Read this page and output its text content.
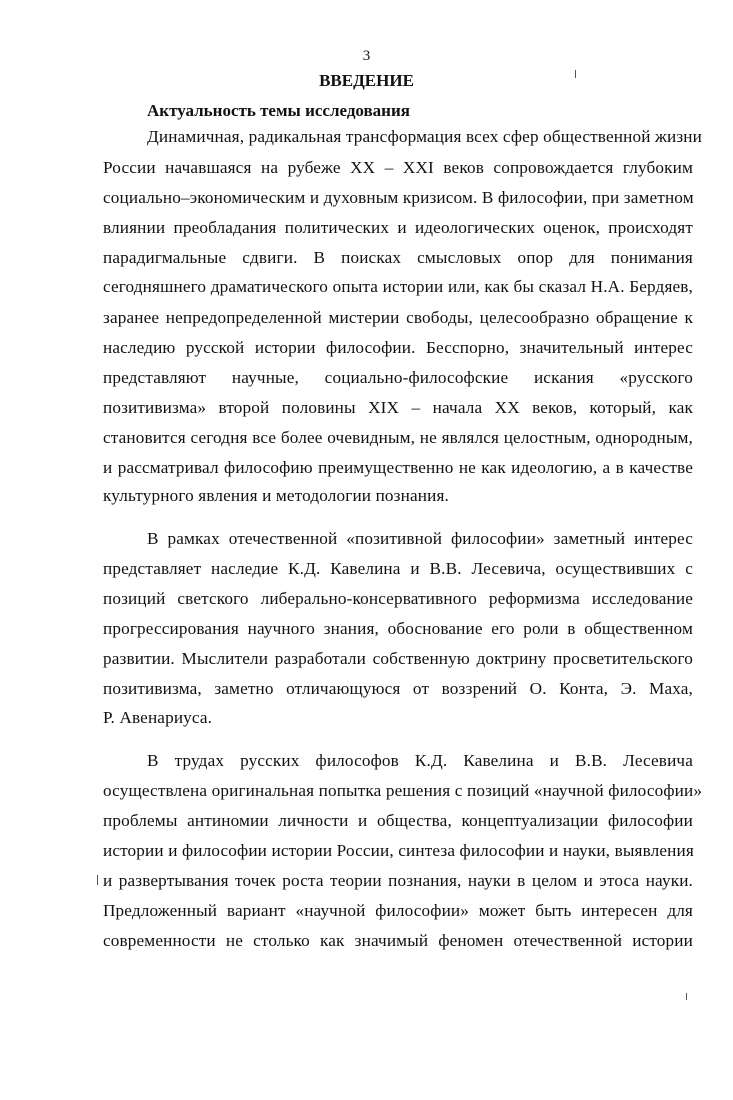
3
ВВЕДЕНИЕ
Актуальность темы исследования
Динамичная, радикальная трансформация всех сфер общественной жизни
России начавшаяся на рубеже XX – XXI веков сопровождается глубоким
социально–экономическим и духовным кризисом. В философии, при заметном
влиянии преобладания политических и идеологических оценок, происходят
парадигмальные сдвиги. В поисках смысловых опор для понимания
сегодняшнего драматического опыта истории или, как бы сказал Н.А. Бердяев,
заранее непредопределенной мистерии свободы, целесообразно обращение к
наследию русской истории философии. Бесспорно, значительный интерес
представляют научные, социально-философские искания «русского
позитивизма» второй половины XIX – начала XX веков, который, как
становится сегодня все более очевидным, не являлся целостным, однородным,
и рассматривал философию преимущественно не как идеологию, а в качестве
культурного явления и методологии познания.
В рамках отечественной «позитивной философии» заметный интерес
представляет наследие К.Д. Кавелина и В.В. Лесевича, осуществивших с
позиций светского либерально-консервативного реформизма исследование
прогрессирования научного знания, обоснование его роли в общественном
развитии. Мыслители разработали собственную доктрину просветительского
позитивизма, заметно отличающуюся от воззрений О. Конта, Э. Маха,
Р. Авенариуса.
В трудах русских философов К.Д. Кавелина и В.В. Лесевича
осуществлена оригинальная попытка решения с позиций «научной философии»
проблемы антиномии личности и общества, концептуализации философии
истории и философии истории России, синтеза философии и науки, выявления
и развертывания точек роста теории познания, науки в целом и этоса науки.
Предложенный вариант «научной философии» может быть интересен для
современности не столько как значимый феномен отечественной истории
